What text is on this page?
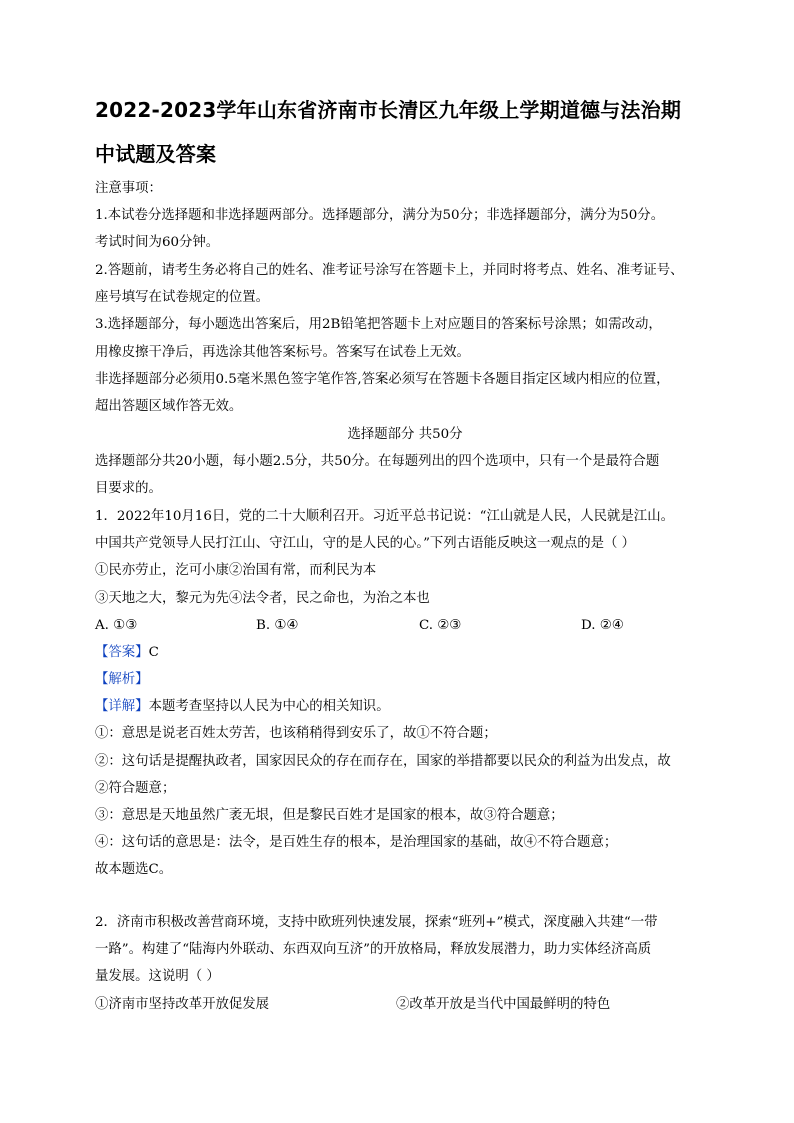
2022-2023学年山东省济南市长清区九年级上学期道德与法治期
中试题及答案
注意事项：
1.本试卷分选择题和非选择题两部分。选择题部分，满分为50分；非选择题部分，满分为50分。
考试时间为60分钟。
2.答题前，请考生务必将自己的姓名、准考证号涂写在答题卡上，并同时将考点、姓名、准考证号、
座号填写在试卷规定的位置。
3.选择题部分，每小题选出答案后，用2B铅笔把答题卡上对应题目的答案标号涂黑；如需改动，
用橡皮擦干净后，再选涂其他答案标号。答案写在试卷上无效。
非选择题部分必须用0.5毫米黑色签字笔作答,答案必须写在答题卡各题目指定区域内相应的位置，
超出答题区域作答无效。
选择题部分 共50分
选择题部分共20小题，每小题2.5分，共50分。在每题列出的四个选项中，只有一个是最符合题
目要求的。
1．2022年10月16日，党的二十大顺利召开。习近平总书记说：“江山就是人民，人民就是江山。
中国共产党领导人民打江山、守江山，守的是人民的心。”下列古语能反映这一观点的是（ ）
①民亦劳止，汔可小康②治国有常，而利民为本
③天地之大，黎元为先④法令者，民之命也，为治之本也
A. ①③	B. ①④	C. ②③	D. ②④
【答案】C
【解析】
【详解】本题考查坚持以人民为中心的相关知识。
①：意思是说老百姓太劳苦，也该稍稍得到安乐了，故①不符合题；
②：这句话是提醒执政者，国家因民众的存在而存在，国家的举措都要以民众的利益为出发点，故
②符合题意；
③：意思是天地虽然广袤无垠，但是黎民百姓才是国家的根本，故③符合题意；
④：这句话的意思是：法令，是百姓生存的根本，是治理国家的基础，故④不符合题意；
故本题选C。
2．济南市积极改善营商环境，支持中欧班列快速发展，探索“班列+”模式，深度融入共建“一带
一路”。构建了“陆海内外联动、东西双向互济”的开放格局，释放发展潜力，助力实体经济高质
量发展。这说明（ ）
①济南市坚持改革开放促发展	②改革开放是当代中国最鲜明的特色
